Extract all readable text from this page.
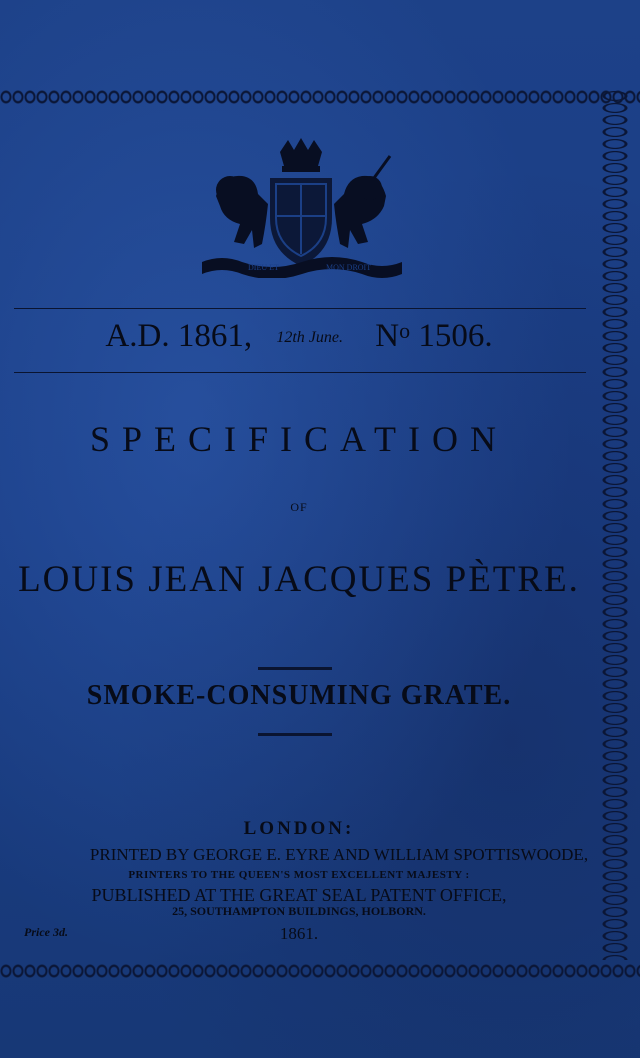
DIEU ET	MON DROIT
A.D. 1861, 12th June. $N^o$ 1506.
SPECIFICATION
OF
LOUIS JEAN JACQUES PÈTRE.
SMOKE-CONSUMING GRATE.
LONDON:
PRINTED BY GEORGE E. EYRE AND WILLIAM SPOTTISWOODE,
PRINTERS TO THE QUEEN'S MOST EXCELLENT MAJESTY :
PUBLISHED AT THE GREAT SEAL PATENT OFFICE,
25, SOUTHAMPTON BUILDINGS, HOLBORN.
1861.
Price 3d.
